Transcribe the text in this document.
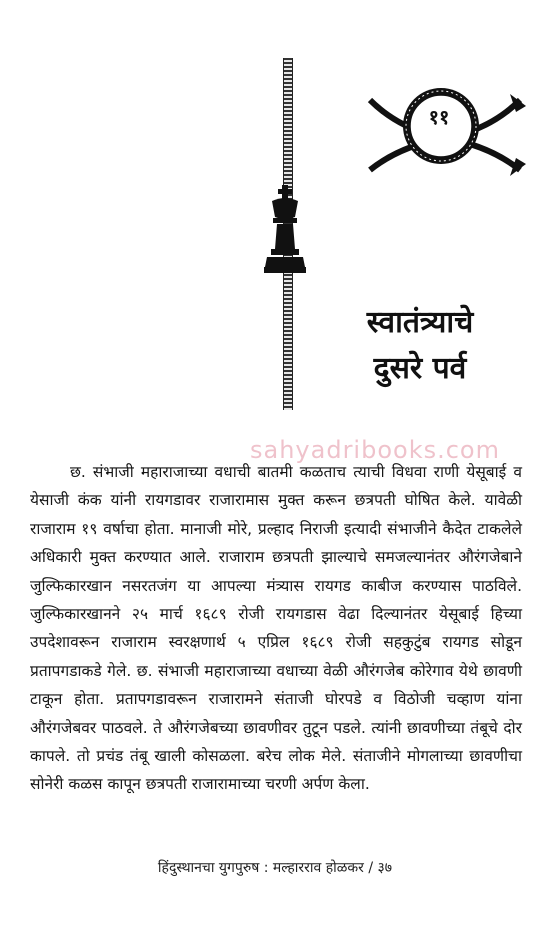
११
स्वातंत्र्याचे
दुसरे पर्व
sahyadribooks.com

छ. संभाजी महाराजाच्या वधाची बातमी कळताच त्याची विधवा राणी येसूबाई व येसाजी कंक यांनी रायगडावर राजारामास मुक्त करून छत्रपती घोषित केले. यावेळी राजाराम १९ वर्षाचा होता. मानाजी मोरे, प्रल्हाद निराजी इत्यादी संभाजीने कैदेत टाकलेले अधिकारी मुक्त करण्यात आले. राजाराम छत्रपती झाल्याचे समजल्यानंतर औरंगजेबाने जुल्फिकारखान नसरतजंग या आपल्या मंत्र्यास रायगड काबीज करण्यास पाठविले. जुल्फिकारखानने २५ मार्च १६८९ रोजी रायगडास वेढा दिल्यानंतर येसूबाई हिच्या उपदेशावरून राजाराम स्वरक्षणार्थ ५ एप्रिल १६८९ रोजी सहकुटुंब रायगड सोडून प्रतापगडाकडे गेले. छ. संभाजी महाराजाच्या वधाच्या वेळी औरंगजेब कोरेगाव येथे छावणी टाकून होता. प्रतापगडावरून राजारामने संताजी घोरपडे व विठोजी चव्हाण यांना औरंगजेबवर पाठवले. ते औरंगजेबच्या छावणीवर तुटून पडले. त्यांनी छावणीच्या तंबूचे दोर कापले. तो प्रचंड तंबू खाली कोसळला. बरेच लोक मेले. संताजीने मोगलाच्या छावणीचा सोनेरी कळस कापून छत्रपती राजारामाच्या चरणी अर्पण केला.

हिंदुस्थानचा युगपुरुष : मल्हारराव होळकर / ३७
